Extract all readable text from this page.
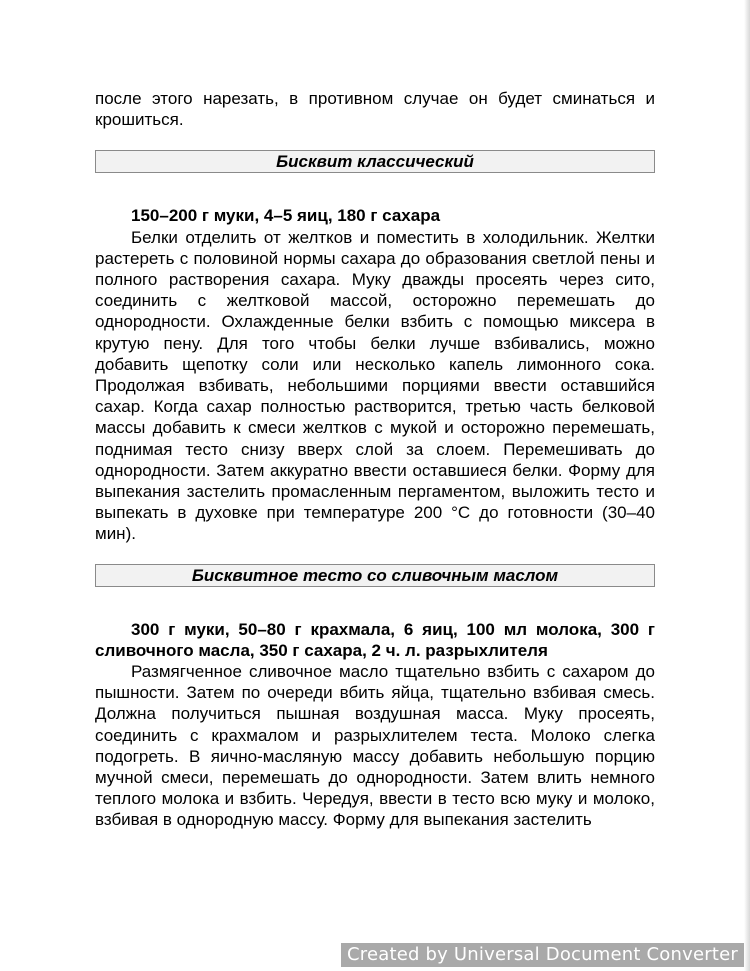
после этого нарезать, в противном случае он будет сминаться и крошиться.

Бисквит классический

150–200 г муки, 4–5 яиц, 180 г сахара

Белки отделить от желтков и поместить в холодильник. Желтки растереть с половиной нормы сахара до образования светлой пены и полного растворения сахара. Муку дважды просеять через сито, соединить с желтковой массой, осторожно перемешать до однородности. Охлажденные белки взбить с помощью миксера в крутую пену. Для того чтобы белки лучше взбивались, можно добавить щепотку соли или несколько капель лимонного сока. Продолжая взбивать, небольшими порциями ввести оставшийся сахар. Когда сахар полностью растворится, третью часть белковой массы добавить к смеси желтков с мукой и осторожно перемешать, поднимая тесто снизу вверх слой за слоем. Перемешивать до однородности. Затем аккуратно ввести оставшиеся белки. Форму для выпекания застелить промасленным пергаментом, выложить тесто и выпекать в духовке при температуре 200 °С до готовности (30–40 мин).

Бисквитное тесто со сливочным маслом

300 г муки, 50–80 г крахмала, 6 яиц, 100 мл молока, 300 г сливочного масла, 350 г сахара, 2 ч. л. разрыхлителя

Размягченное сливочное масло тщательно взбить с сахаром до пышности. Затем по очереди вбить яйца, тщательно взбивая смесь. Должна получиться пышная воздушная масса. Муку просеять, соединить с крахмалом и разрыхлителем теста. Молоко слегка подогреть. В яично-масляную массу добавить небольшую порцию мучной смеси, перемешать до однородности. Затем влить немного теплого молока и взбить. Чередуя, ввести в тесто всю муку и молоко, взбивая в однородную массу. Форму для выпекания застелить

Created by Universal Document Converter
